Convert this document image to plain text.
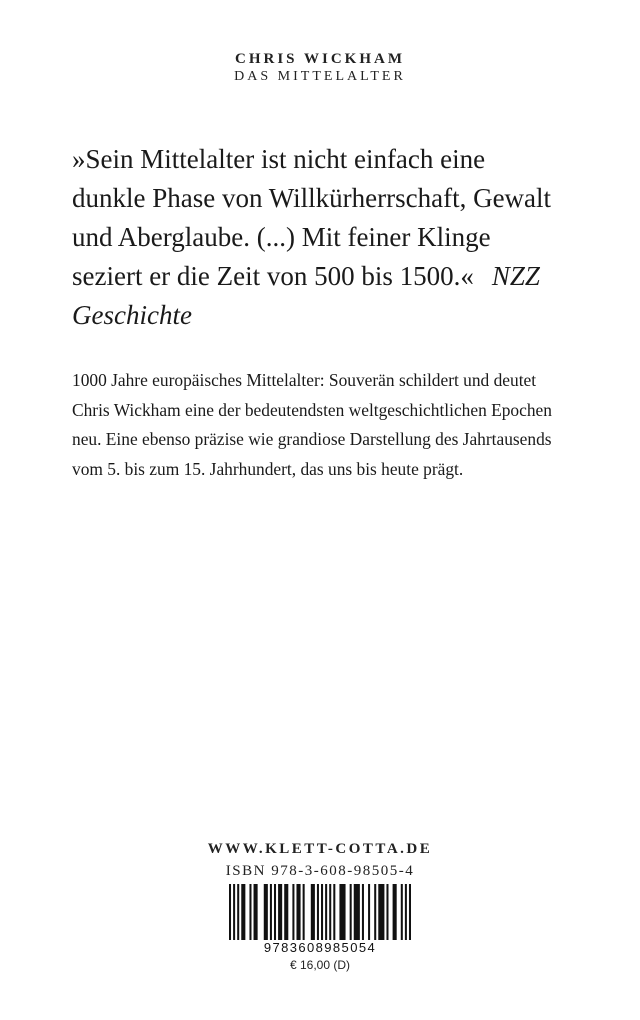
CHRIS WICKHAM
DAS MITTELALTER
»Sein Mittelalter ist nicht einfach eine dunkle Phase von Willkürherrschaft, Gewalt und Aberglaube. (...) Mit feiner Klinge seziert er die Zeit von 500 bis 1500.« NZZ Geschichte
1000 Jahre europäisches Mittelalter: Souverän schildert und deutet Chris Wickham eine der bedeutendsten weltgeschichtlichen Epochen neu. Eine ebenso präzise wie grandiose Darstellung des Jahrtausends vom 5. bis zum 15. Jahrhundert, das uns bis heute prägt.
WWW.KLETT-COTTA.DE
ISBN 978-3-608-98505-4
9783608985054
€ 16,00 (D)
